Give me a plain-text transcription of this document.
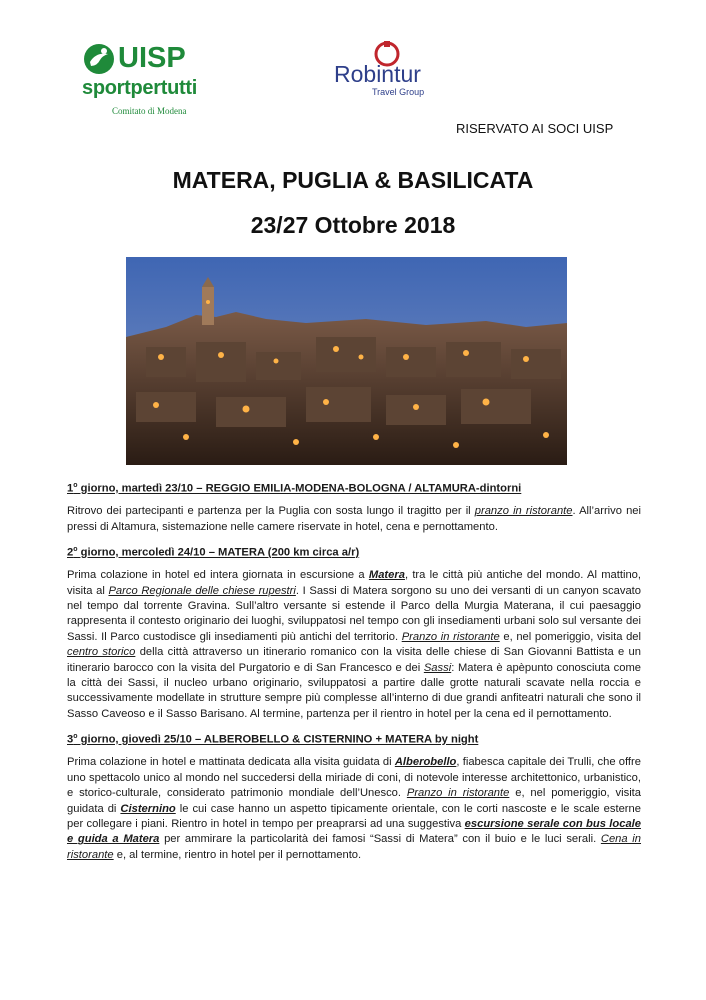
UISP
sportpertutti
Comitato di Modena
Robintur
Travel Group
RISERVATO AI SOCI UISP
MATERA, PUGLIA & BASILICATA
23/27 Ottobre 2018
1$^o$ giorno, martedì 23/10 – REGGIO EMILIA-MODENA-BOLOGNA / ALTAMURA-dintorni
Ritrovo dei partecipanti e partenza per la Puglia con sosta lungo il tragitto per il pranzo in ristorante. All’arrivo nei pressi di Altamura, sistemazione nelle camere riservate in hotel, cena e pernottamento.
2$^o$ giorno, mercoledì 24/10 – MATERA (200 km circa a/r)
Prima colazione in hotel ed intera giornata in escursione a Matera, tra le città più antiche del mondo. Al mattino, visita al Parco Regionale delle chiese rupestri. I Sassi di Matera sorgono su uno dei versanti di un canyon scavato nel tempo dal torrente Gravina. Sull’altro versante si estende il Parco della Murgia Materana, il cui paesaggio rappresenta il contesto originario dei luoghi, sviluppatosi nel tempo con gli insediamenti urbani solo sul versante dei Sassi. Il Parco custodisce gli insediamenti più antichi del territorio. Pranzo in ristorante e, nel pomeriggio, visita del centro storico della città attraverso un itinerario romanico con la visita delle chiese di San Giovanni Battista e un itinerario barocco con la visita del Purgatorio e di San Francesco e dei Sassi: Matera è apèpunto conosciuta come la città dei Sassi, il nucleo urbano originario, sviluppatosi a partire dalle grotte naturali scavate nella roccia e successivamente modellate in strutture sempre più complesse all’interno di due grandi anfiteatri naturali che sono il Sasso Caveoso e il Sasso Barisano. Al termine, partenza per il rientro in hotel per la cena ed il pernottamento.
3$^o$ giorno, giovedì 25/10 – ALBEROBELLO & CISTERNINO + MATERA by night
Prima colazione in hotel e mattinata dedicata alla visita guidata di Alberobello, fiabesca capitale dei Trulli, che offre uno spettacolo unico al mondo nel succedersi della miriade di coni, di notevole interesse architettonico, urbanistico, e storico-culturale, considerato patrimonio mondiale dell’Unesco. Pranzo in ristorante e, nel pomeriggio, visita guidata di Cisternino le cui case hanno un aspetto tipicamente orientale, con le corti nascoste e le scale esterne per collegare i piani. Rientro in hotel in tempo per preaprarsi ad una suggestiva escursione serale con bus locale e guida a Matera per ammirare la particolarità dei famosi “Sassi di Matera” con il buio e le luci serali. Cena in ristorante e, al termine, rientro in hotel per il pernottamento.
